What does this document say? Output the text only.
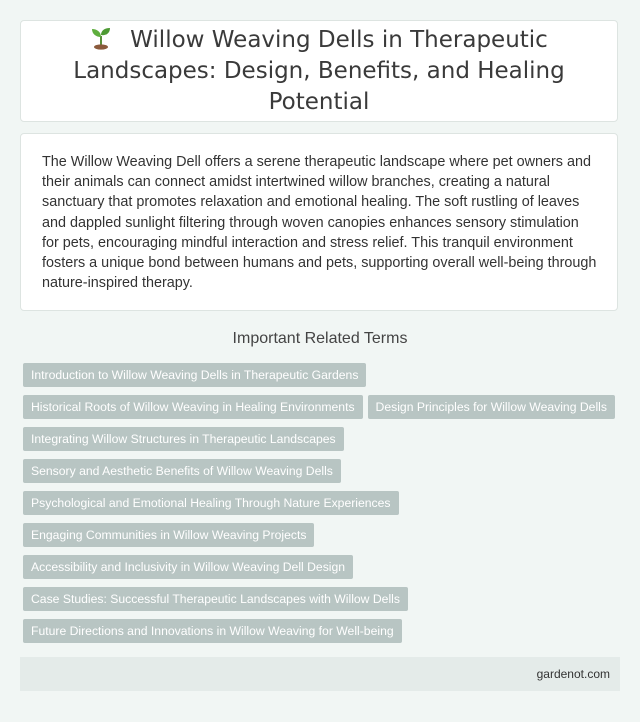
Willow Weaving Dells in Therapeutic Landscapes: Design, Benefits, and Healing Potential

The Willow Weaving Dell offers a serene therapeutic landscape where pet owners and their animals can connect amidst intertwined willow branches, creating a natural sanctuary that promotes relaxation and emotional healing. The soft rustling of leaves and dappled sunlight filtering through woven canopies enhances sensory stimulation for pets, encouraging mindful interaction and stress relief. This tranquil environment fosters a unique bond between humans and pets, supporting overall well-being through nature-inspired therapy.

Important Related Terms
Introduction to Willow Weaving Dells in Therapeutic Gardens
Historical Roots of Willow Weaving in Healing Environments Design Principles for Willow Weaving Dells
Integrating Willow Structures in Therapeutic Landscapes
Sensory and Aesthetic Benefits of Willow Weaving Dells
Psychological and Emotional Healing Through Nature Experiences
Engaging Communities in Willow Weaving Projects
Accessibility and Inclusivity in Willow Weaving Dell Design
Case Studies: Successful Therapeutic Landscapes with Willow Dells
Future Directions and Innovations in Willow Weaving for Well-being
gardenot.com
